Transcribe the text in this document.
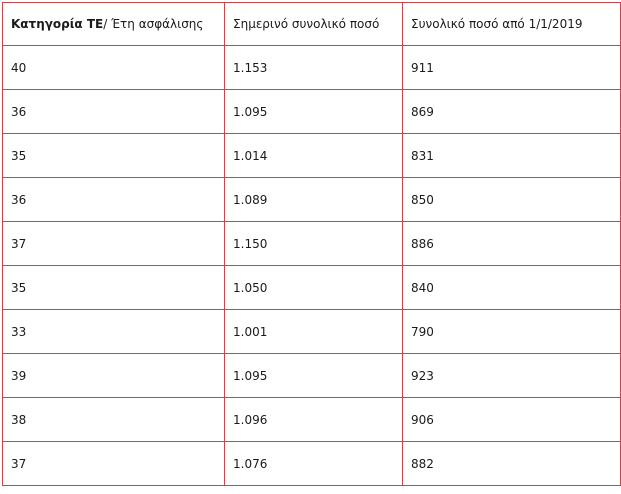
Κατηγορία ΤΕ/ Έτη ασφάλισης	Σημερινό συνολικό ποσό	Συνολικό ποσό από 1/1/2019
40	1.153	911
36	1.095	869
35	1.014	831
36	1.089	850
37	1.150	886
35	1.050	840
33	1.001	790
39	1.095	923
38	1.096	906
37	1.076	882
